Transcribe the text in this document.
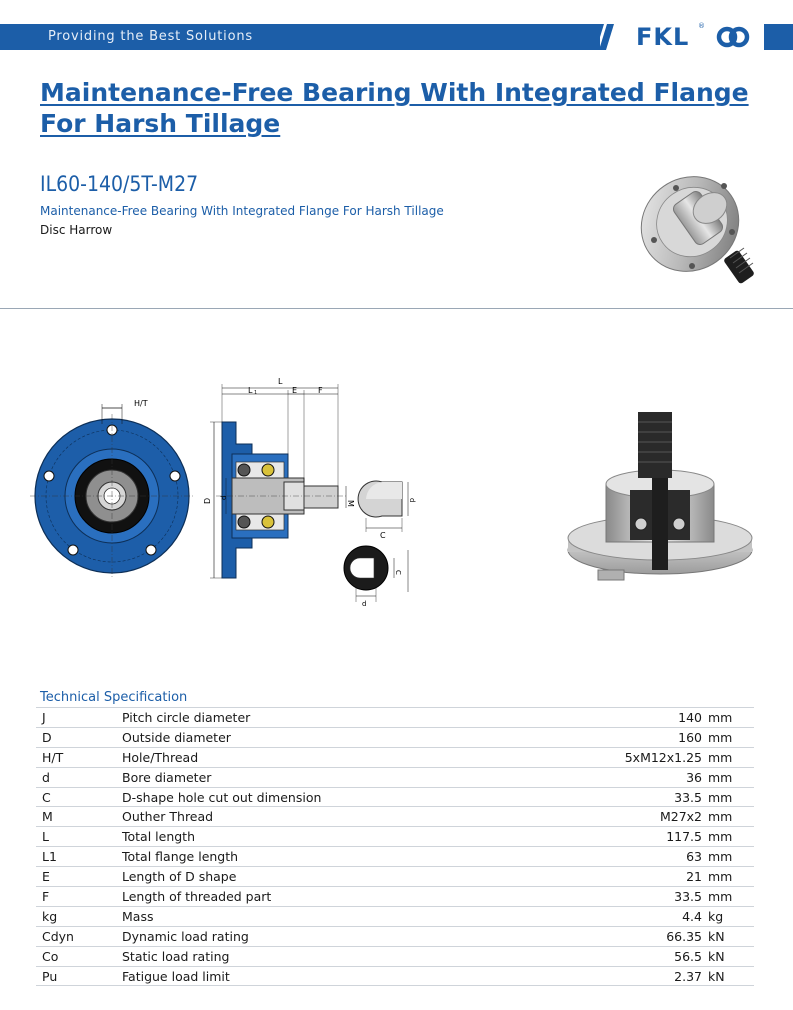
Providing the Best Solutions	FKL ®
Maintenance-Free Bearing With Integrated Flange For Harsh Tillage
IL60-140/5T-M27
Maintenance-Free Bearing With Integrated Flange For Harsh Tillage
Disc Harrow
H/T
L
L 1	E	F
D
d
M
C
d
d
C
Technical Specification
J	Pitch circle diameter	140	mm
D	Outside diameter	160	mm
H/T	Hole/Thread	5xM12x1.25	mm
d	Bore diameter	36	mm
C	D-shape hole cut out dimension	33.5	mm
M	Outher Thread	M27x2	mm
L	Total length	117.5	mm
L1	Total flange length	63	mm
E	Length of D shape	21	mm
F	Length of threaded part	33.5	mm
kg	Mass	4.4	kg
Cdyn	Dynamic load rating	66.35	kN
Co	Static load rating	56.5	kN
Pu	Fatigue load limit	2.37	kN
